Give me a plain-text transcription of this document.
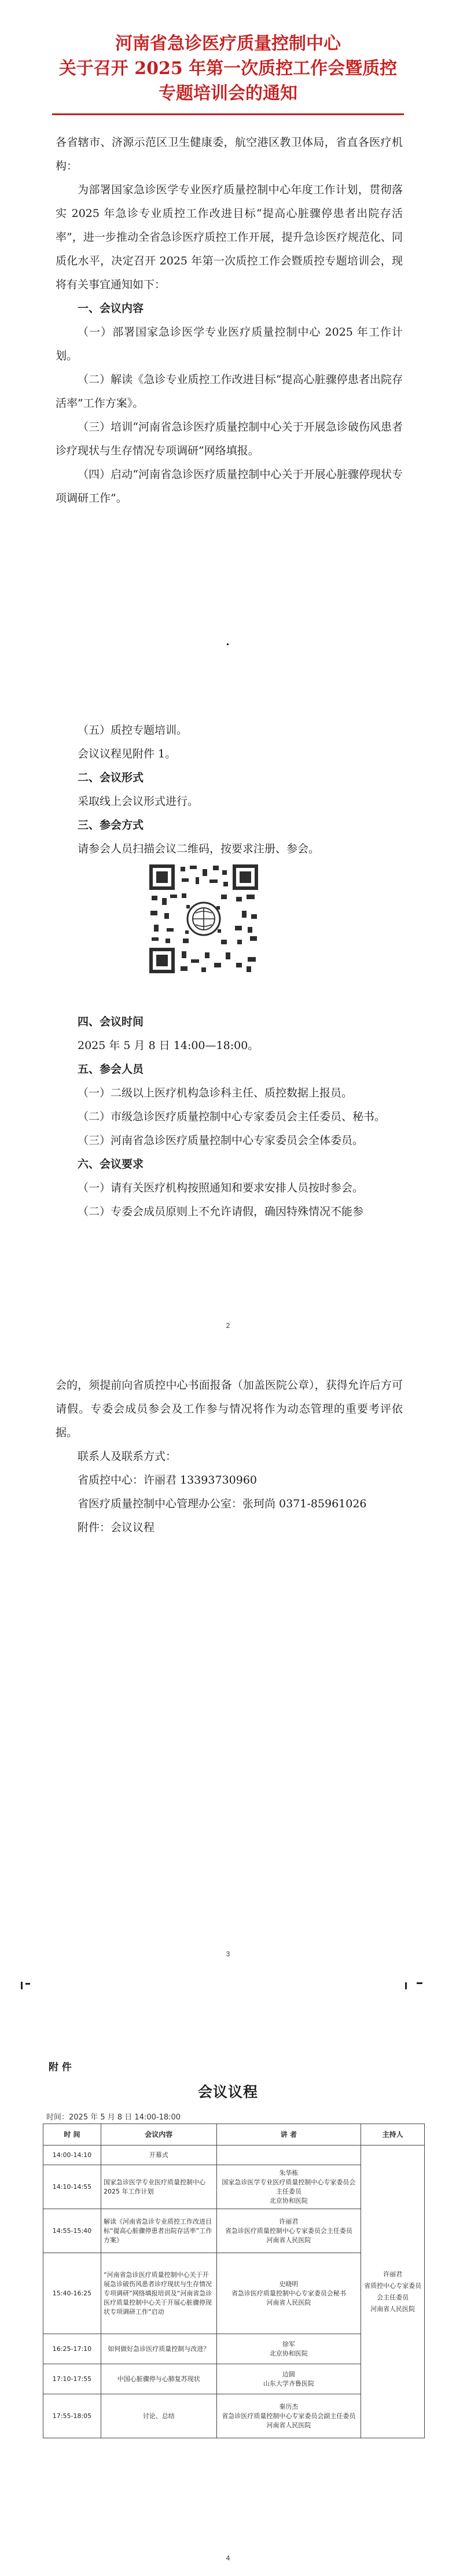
河南省急诊医疗质量控制中心
关于召开 2025 年第一次质控工作会暨质控
专题培训会的通知

各省辖市、济源示范区卫生健康委，航空港区教卫体局，省直各医疗机构：

为部署国家急诊医学专业医疗质量控制中心年度工作计划，贯彻落实 2025 年急诊专业质控工作改进目标“提高心脏骤停患者出院存活率”，进一步推动全省急诊医疗质控工作开展，提升急诊医疗规范化、同质化水平，决定召开 2025 年第一次质控工作会暨质控专题培训会，现将有关事宜通知如下：

一、会议内容

（一）部署国家急诊医学专业医疗质量控制中心 2025 年工作计划。

（二）解读《急诊专业质控工作改进目标“提高心脏骤停患者出院存活率”工作方案》。

（三）培训“河南省急诊医疗质量控制中心关于开展急诊破伤风患者诊疗现状与生存情况专项调研”网络填报。

（四）启动“河南省急诊医疗质量控制中心关于开展心脏骤停现状专项调研工作”。

（五）质控专题培训。

会议议程见附件 1。

二、会议形式

采取线上会议形式进行。

三、参会方式

请参会人员扫描会议二维码，按要求注册、参会。

四、会议时间

2025 年 5 月 8 日 14:00—18:00。

五、参会人员

（一）二级以上医疗机构急诊科主任、质控数据上报员。

（二）市级急诊医疗质量控制中心专家委员会主任委员、秘书。

（三）河南省急诊医疗质量控制中心专家委员会全体委员。

六、会议要求

（一）请有关医疗机构按照通知和要求安排人员按时参会。

（二）专委会成员原则上不允许请假，确因特殊情况不能参

2

会的，须提前向省质控中心书面报备（加盖医院公章），获得允许后方可请假。专委会成员参会及工作参与情况将作为动态管理的重要考评依据。

联系人及联系方式：

省质控中心：许丽君 13393730960

省医疗质量控制中心管理办公室：张珂尚 0371-85961026

附件：会议议程

3
附 件
会议议程
时间：2025 年 5 月 8 日 14:00-18:00
时 间	会议内容	讲 者	主持人
14:00-14:10	开幕式		许丽君
省质控中心专家委员会主任委员
河南省人民医院
14:10-14:55	国家急诊医学专业医疗质量控制中心 2025 年工作计划	朱华栋
国家急诊医学专业医疗质量控制中心专家委员会主任委员
北京协和医院	
14:55-15:40	解读《河南省急诊专业质控工作改进目标“提高心脏骤停患者出院存活率”工作方案》	许丽君
省急诊医疗质量控制中心专家委员会主任委员
河南省人民医院	
15:40-16:25	“河南省急诊医疗质量控制中心关于开展急诊破伤风患者诊疗现状与生存情况专项调研”网络填报培训及“河南省急诊医疗质量控制中心关于开展心脏骤停现状专项调研工作”启动	史晓明
省急诊医疗质量控制中心专家委员会秘书
河南省人民医院	
16:25-17:10	如何做好急诊医疗质量控制与改进？	徐军
北京协和医院	
17:10-17:55	中国心脏骤停与心肺复苏现状	边圆
山东大学齐鲁医院	
17:55-18:05	讨论、总结	秦历杰
省急诊医疗质量控制中心专家委员会副主任委员
河南省人民医院	
4
